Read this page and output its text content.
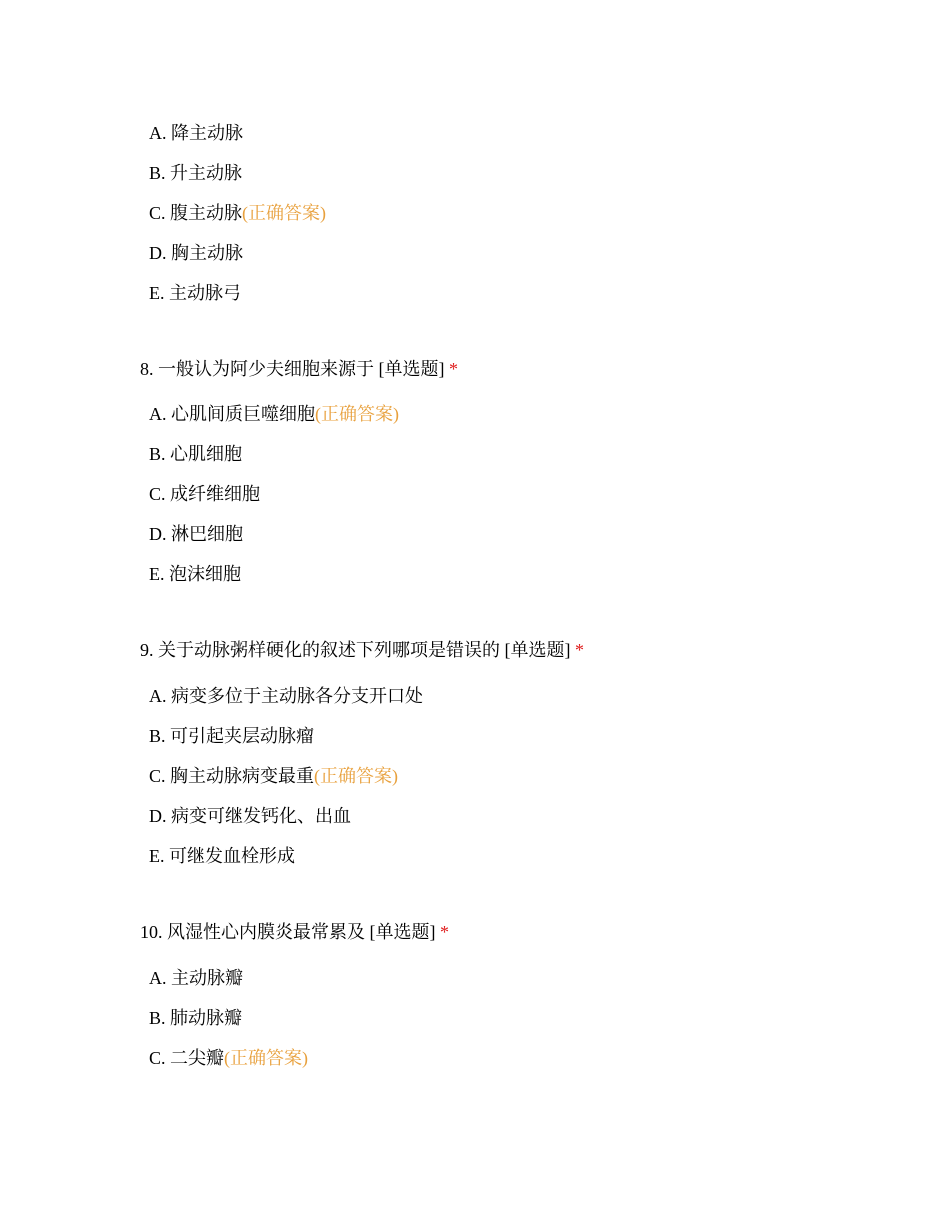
A. 降主动脉
B. 升主动脉
C. 腹主动脉(正确答案)
D. 胸主动脉
E. 主动脉弓
8. 一般认为阿少夫细胞来源于 [单选题] *
A. 心肌间质巨噬细胞(正确答案)
B. 心肌细胞
C. 成纤维细胞
D. 淋巴细胞
E. 泡沫细胞
9. 关于动脉粥样硬化的叙述下列哪项是错误的 [单选题] *
A. 病变多位于主动脉各分支开口处
B. 可引起夹层动脉瘤
C. 胸主动脉病变最重(正确答案)
D. 病变可继发钙化、出血
E. 可继发血栓形成
10. 风湿性心内膜炎最常累及 [单选题] *
A. 主动脉瓣
B. 肺动脉瓣
C. 二尖瓣(正确答案)
